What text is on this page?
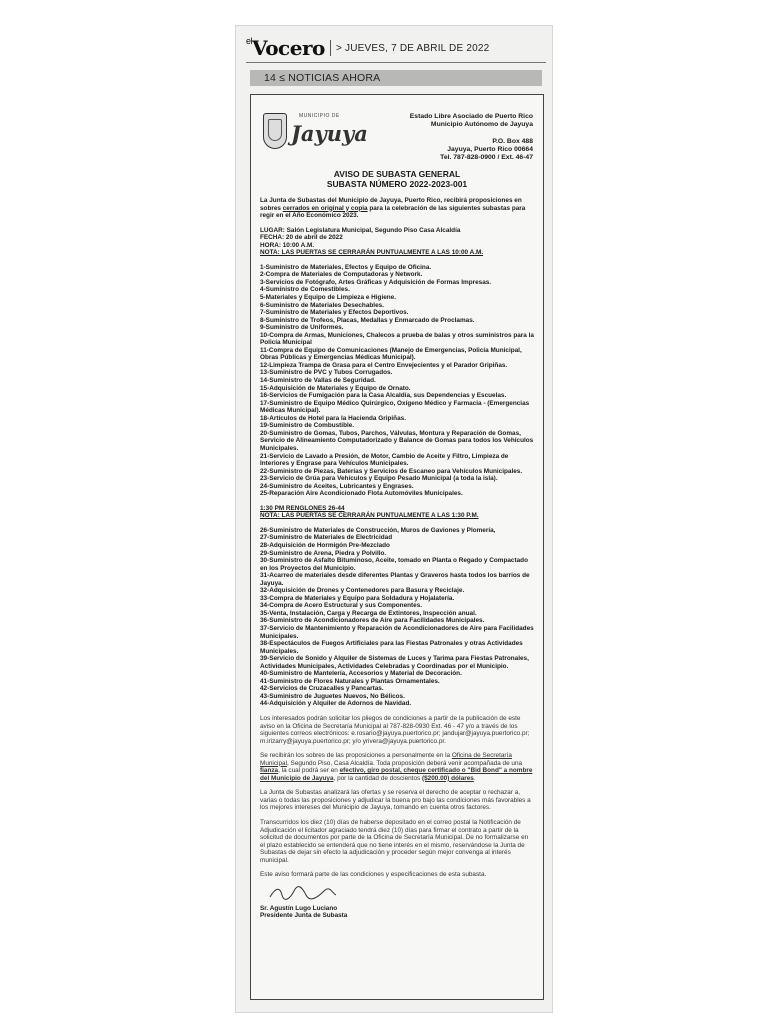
$^{el}$Vocero > JUEVES, 7 DE ABRIL DE 2022
14 ≤ NOTICIAS AHORA
MUNICIPIO DE
Jayuya
Estado Libre Asociado de Puerto Rico
Municipio Autónomo de Jayuya
P.O. Box 488
Jayuya, Puerto Rico 00664
Tel. 787-828-0900 / Ext. 46-47
AVISO DE SUBASTA GENERAL
SUBASTA NÚMERO 2022-2023-001

La Junta de Subastas del Municipio de Jayuya, Puerto Rico, recibirá proposiciones en sobres cerrados en original y copia para la celebración de las siguientes subastas para regir en el Año Económico 2023.

LUGAR: Salón Legislatura Municipal, Segundo Piso Casa Alcaldía

FECHA: 20 de abril de 2022

HORA: 10:00 A.M.

NOTA: LAS PUERTAS SE CERRARÁN PUNTUALMENTE A LAS 10:00 A.M.

1-Suministro de Materiales, Efectos y Equipo de Oficina.
2-Compra de Materiales de Computadoras y Network.
3-Servicios de Fotógrafo, Artes Gráficas y Adquisición de Formas Impresas.
4-Suministro de Comestibles.
5-Materiales y Equipo de Limpieza e Higiene.
6-Suministro de Materiales Desechables.
7-Suministro de Materiales y Efectos Deportivos.
8-Suministro de Trofeos, Placas, Medallas y Enmarcado de Proclamas.
9-Suministro de Uniformes.
10-Compra de Armas, Municiones, Chalecos a prueba de balas y otros suministros para la Policía Municipal
11-Compra de Equipo de Comunicaciones (Manejo de Emergencias, Policía Municipal, Obras Públicas y Emergencias Médicas Municipal).
12-Limpieza Trampa de Grasa para el Centro Envejecientes y el Parador Gripiñas.
13-Suministro de PVC y Tubos Corrugados.
14-Suministro de Vallas de Seguridad.
15-Adquisición de Materiales y Equipo de Ornato.
16-Servicios de Fumigación para la Casa Alcaldía, sus Dependencias y Escuelas.
17-Suministro de Equipo Médico Quirúrgico, Oxígeno Médico y Farmacia - (Emergencias Médicas Municipal).
18-Artículos de Hotel para la Hacienda Gripiñas.
19-Suministro de Combustible.
20-Suministro de Gomas, Tubos, Parchos, Válvulas, Montura y Reparación de Gomas, Servicio de Alineamiento Computadorizado y Balance de Gomas para todos los Vehículos Municipales.
21-Servicio de Lavado a Presión, de Motor, Cambio de Aceite y Filtro, Limpieza de Interiores y Engrase para Vehículos Municipales.
22-Suministro de Piezas, Baterías y Servicios de Escaneo para Vehículos Municipales.
23-Servicio de Grúa para Vehículos y Equipo Pesado Municipal (a toda la isla).
24-Suministro de Aceites, Lubricantes y Engrases.
25-Reparación Aire Acondicionado Flota Automóviles Municipales.

1:30 PM RENGLONES 26-44

NOTA: LAS PUERTAS SE CERRARÁN PUNTUALMENTE A LAS 1:30 P.M.

26-Suministro de Materiales de Construcción, Muros de Gaviones y Plomería,
27-Suministro de Materiales de Electricidad
28-Adquisición de Hormigón Pre-Mezclado
29-Suministro de Arena, Piedra y Polvillo.
30-Suministro de Asfalto Bituminoso, Aceite, tomado en Planta o Regado y Compactado en los Proyectos del Municipio.
31-Acarreo de materiales desde diferentes Plantas y Graveros hasta todos los barrios de Jayuya.
32-Adquisición de Drones y Contenedores para Basura y Reciclaje.
33-Compra de Materiales y Equipo para Soldadura y Hojalatería.
34-Compra de Acero Estructural y sus Componentes.
35-Venta, Instalación, Carga y Recarga de Extintores, Inspección anual.
36-Suministro de Acondicionadores de Aire para Facilidades Municipales.
37-Servicio de Mantenimiento y Reparación de Acondicionadores de Aire para Facilidades Municipales.
38-Espectáculos de Fuegos Artificiales para las Fiestas Patronales y otras Actividades Municipales.
39-Servicio de Sonido y Alquiler de Sistemas de Luces y Tarima para Fiestas Patronales, Actividades Municipales, Actividades Celebradas y Coordinadas por el Municipio.
40-Suministro de Mantelería, Accesorios y Material de Decoración.
41-Suministro de Flores Naturales y Plantas Ornamentales.
42-Servicios de Cruzacalles y Pancartas.
43-Suministro de Juguetes Nuevos, No Bélicos.
44-Adquisición y Alquiler de Adornos de Navidad.

Los interesados podrán solicitar los pliegos de condiciones a partir de la publicación de este aviso en la Oficina de Secretaría Municipal al 787-828-0930 Ext. 46 - 47 y/o a través de los siguientes correos electrónicos: e.rosario@jayuya.puertorico.pr; jandujar@jayuya.puertorico.pr; m.irizarry@jayuya.puertorico.pr; y/o yrivera@jayuya.puertorico.pr.

Se recibirán los sobres de las proposiciones a personalmente en la Oficina de Secretaría Municipal, Segundo Piso, Casa Alcaldía. Toda proposición deberá venir acompañada de una fianza, la cual podrá ser en efectivo, giro postal, cheque certificado o "Bid Bond" a nombre del Municipio de Jayuya, por la cantidad de doscientos ($200.00) dólares.

La Junta de Subastas analizará las ofertas y se reserva el derecho de aceptar o rechazar a, varias o todas las proposiciones y adjudicar la buena pro bajo las condiciones más favorables a los mejores intereses del Municipio de Jayuya, tomando en cuenta otros factores.

Transcurridos los diez (10) días de haberse depositado en el correo postal la Notificación de Adjudicación el licitador agraciado tendrá diez (10) días para firmar el contrato a partir de la solicitud de documentos por parte de la Oficina de Secretaría Municipal. De no formalizarse en el plazo establecido se entenderá que no tiene interés en el mismo, reservándose la Junta de Subastas de dejar sin efecto la adjudicación y proceder según mejor convenga al interés municipal.

Este aviso formará parte de las condiciones y especificaciones de esta subasta.

Sr. Agustín Lugo Luciano

Presidente Junta de Subasta
